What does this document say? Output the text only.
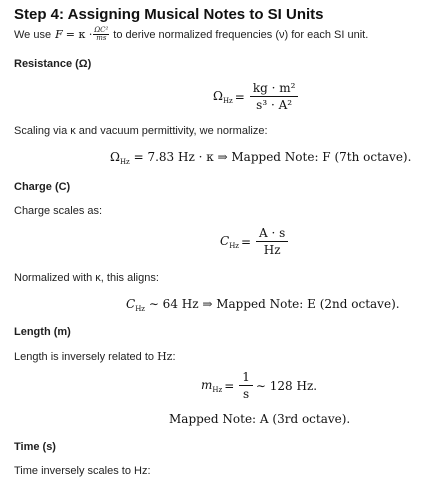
Step 4: Assigning Musical Notes to SI Units
We use $F = \kappa \cdot \frac{\text{ΩC²}}{ms}$ to derive normalized frequencies (ν) for each SI unit.
Resistance (Ω)
$\Omega_{Hz} = \frac{\text{kg · m²}}{\text{s³ · A²}}$
Scaling via κ and vacuum permittivity, we normalize:
$\Omega_{Hz} = 7.83$ Hz · κ ⇒ Mapped Note: F (7th octave).
Charge (C)
Charge scales as:
$C_{Hz} = \frac{A \cdot s}{Hz}$
Normalized with κ, this aligns:
$C_{Hz}$ ∼ 64 Hz ⇒ Mapped Note: E (2nd octave).
Length (m)
Length is inversely related to Hz:
$m_{Hz} = \frac{1}{s}$ ∼ 128 Hz.
Mapped Note: A (3rd octave).
Time (s)
Time inversely scales to Hz:
